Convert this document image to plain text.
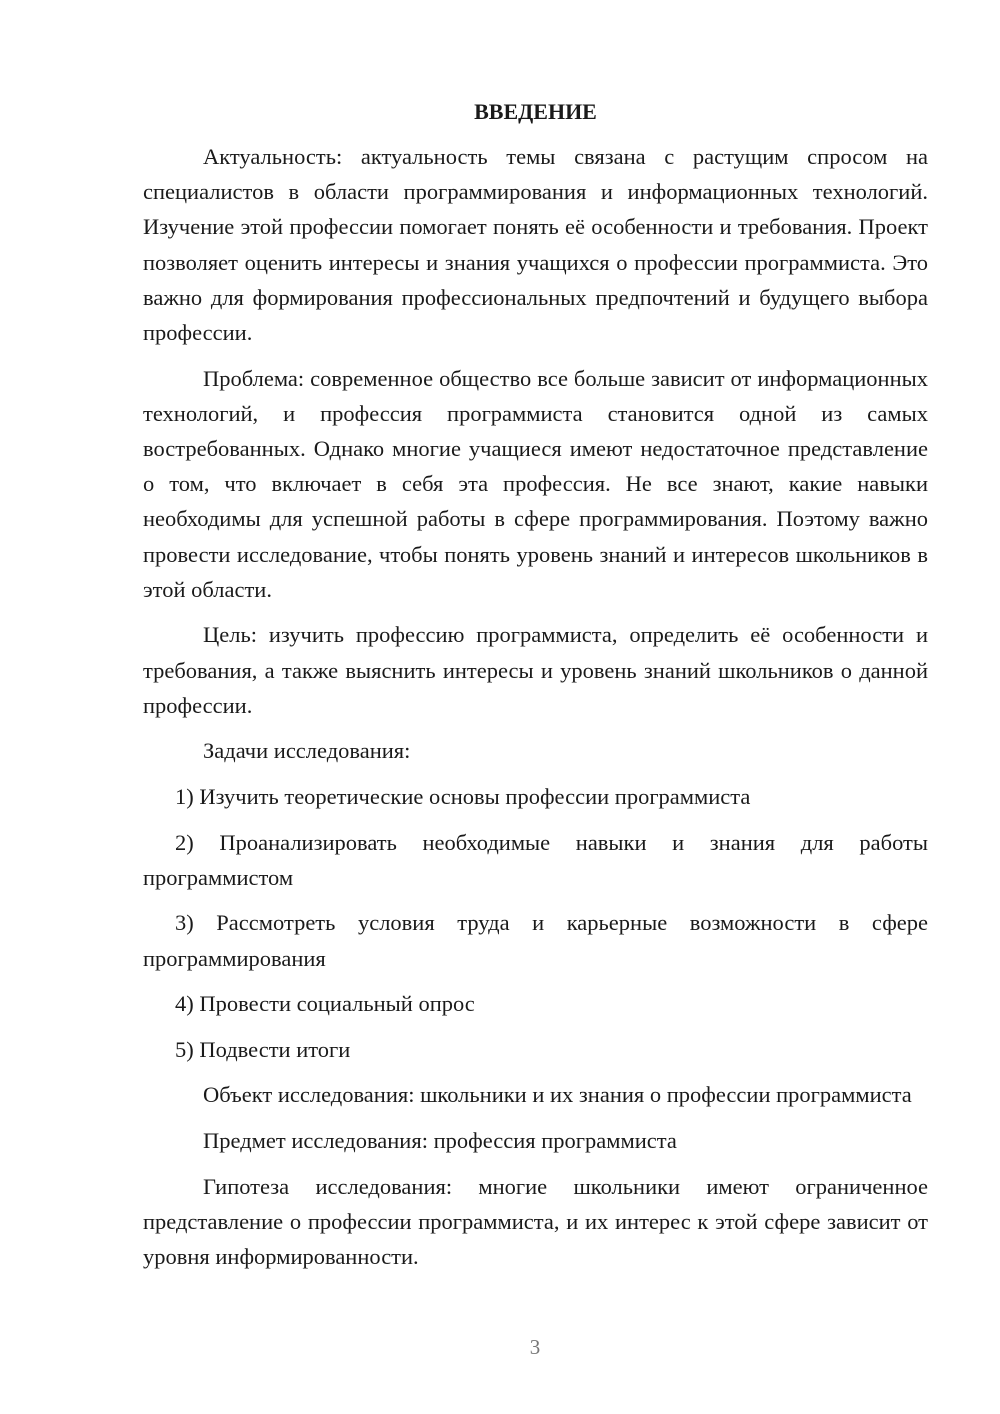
ВВЕДЕНИЕ

Актуальность: актуальность темы связана с растущим спросом на специалистов в области программирования и информационных технологий. Изучение этой профессии помогает понять её особенности и требования. Проект позволяет оценить интересы и знания учащихся о профессии программиста. Это важно для формирования профессиональных предпочтений и будущего выбора профессии.

Проблема: современное общество все больше зависит от информационных технологий, и профессия программиста становится одной из самых востребованных. Однако многие учащиеся имеют недостаточное представление о том, что включает в себя эта профессия. Не все знают, какие навыки необходимы для успешной работы в сфере программирования. Поэтому важно провести исследование, чтобы понять уровень знаний и интересов школьников в этой области.

Цель: изучить профессию программиста, определить её особенности и требования, а также выяснить интересы и уровень знаний школьников о данной профессии.

Задачи исследования:

1) Изучить теоретические основы профессии программиста

2) Проанализировать необходимые навыки и знания для работы программистом

3) Рассмотреть условия труда и карьерные возможности в сфере программирования

4) Провести социальный опрос

5) Подвести итоги

Объект исследования: школьники и их знания о профессии программиста

Предмет исследования: профессия программиста

Гипотеза исследования: многие школьники имеют ограниченное представление о профессии программиста, и их интерес к этой сфере зависит от уровня информированности.

3
